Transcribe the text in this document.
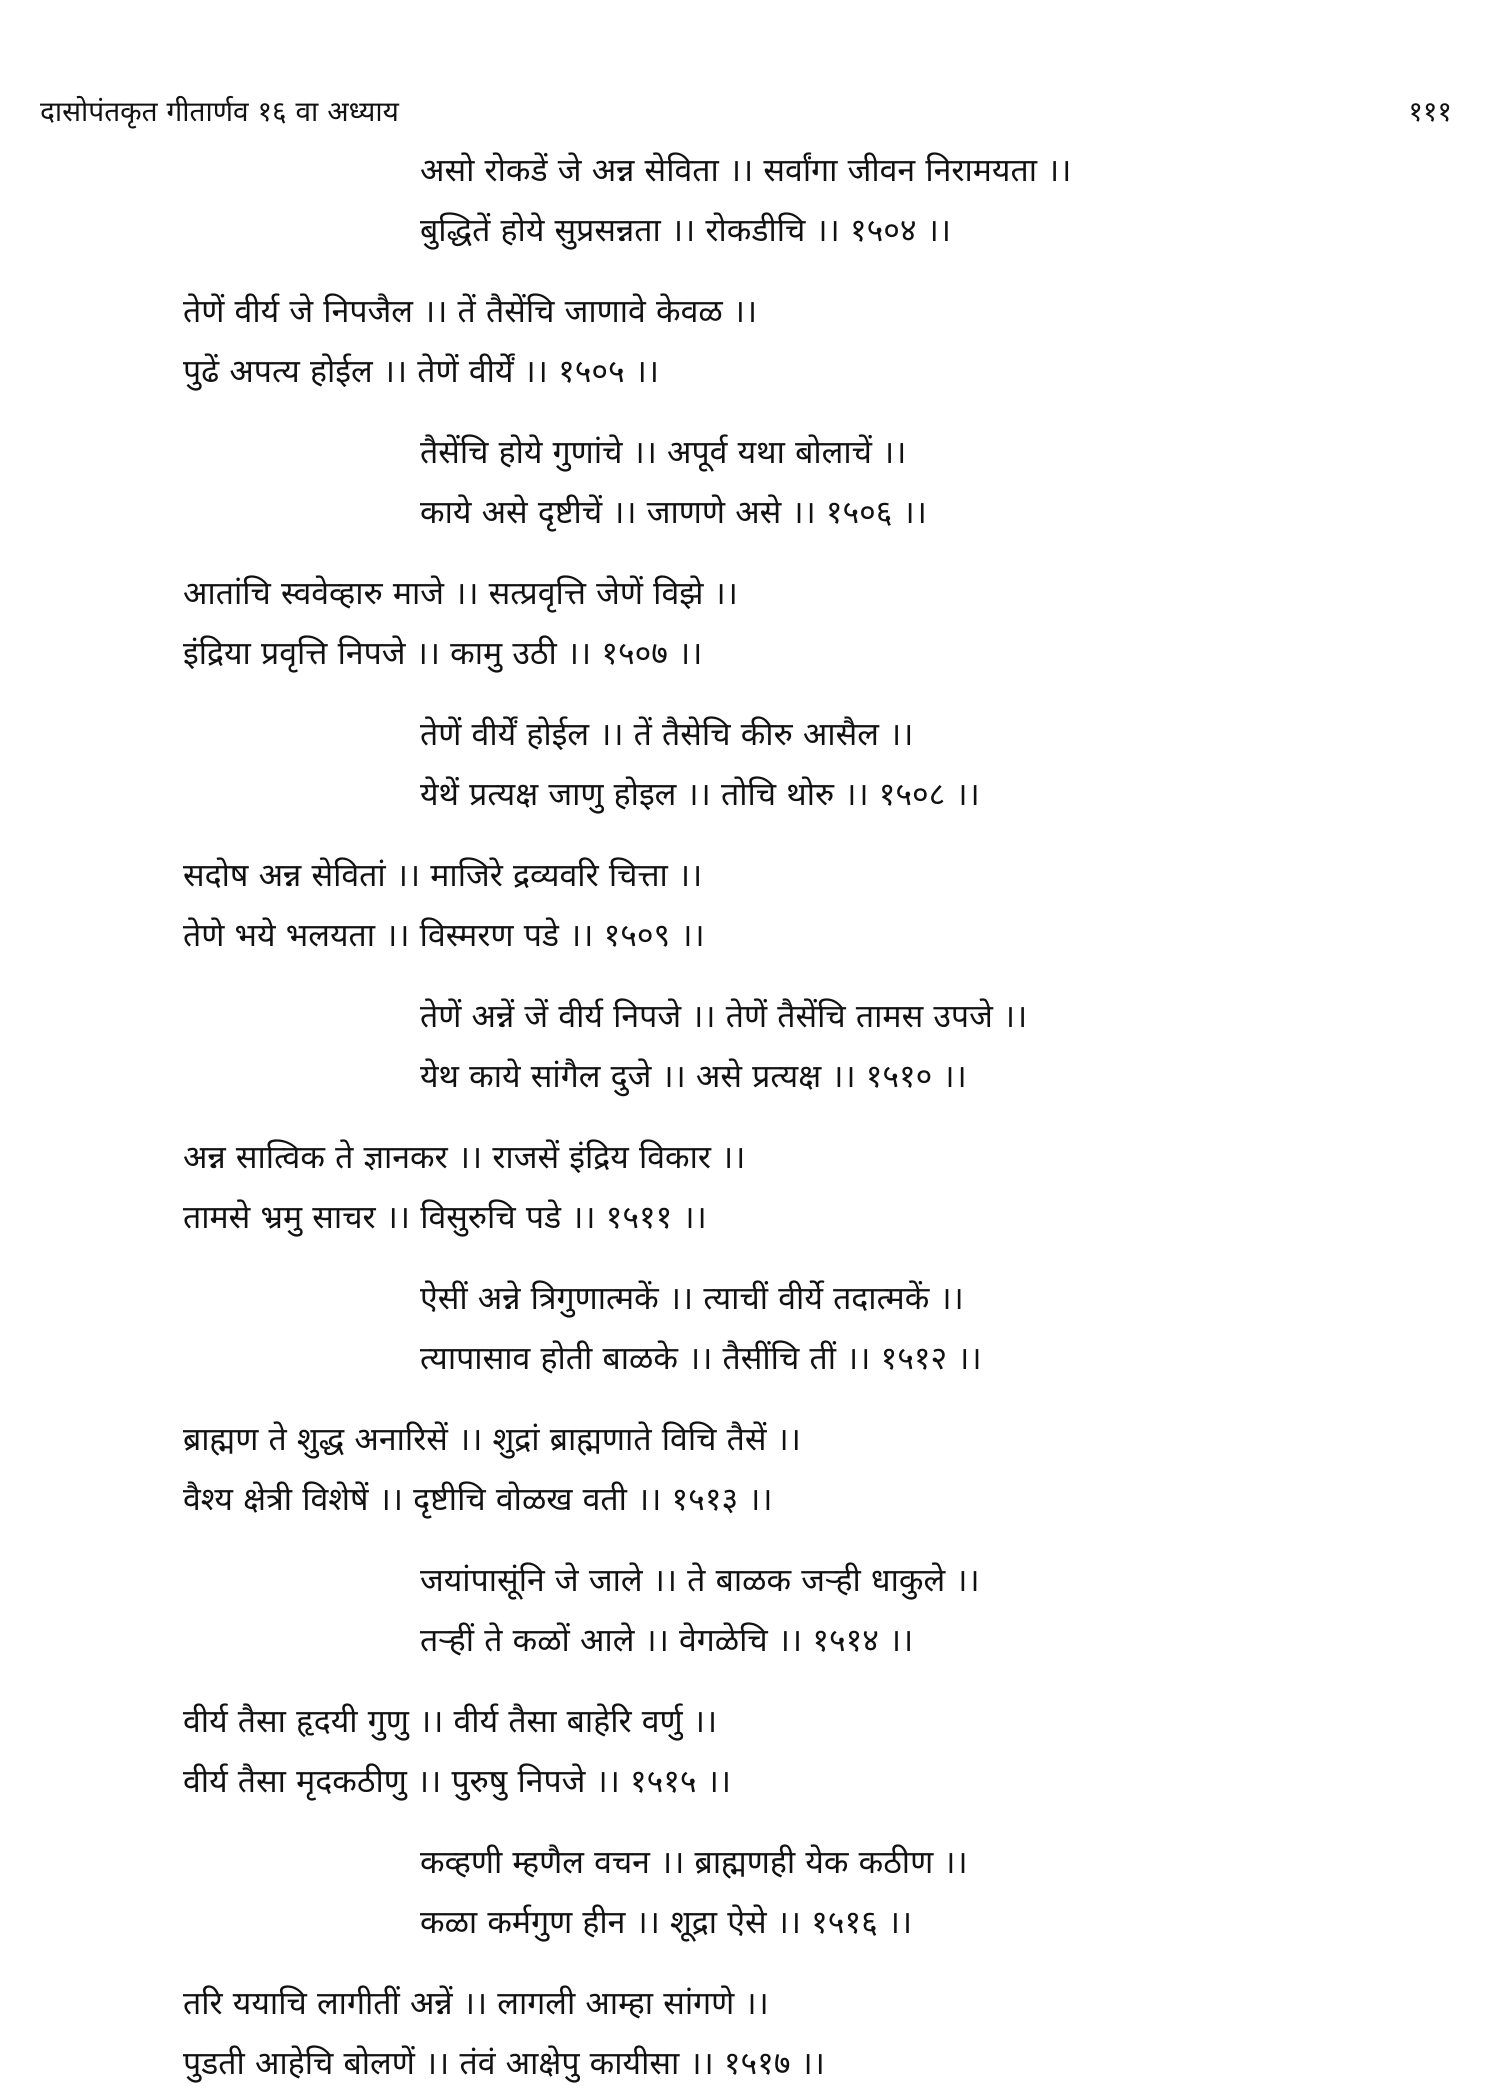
दासोपंतकृत गीतार्णव १६ वा अध्याय	१११
असो रोकडें जे अन्न सेविता ।। सर्वांगा जीवन निरामयता ।।
बुद्धितें होये सुप्रसन्नता ।। रोकडीचि ।। १५०४ ।।
तेणें वीर्य जे निपजैल ।। तें तैसेंचि जाणावे केवळ ।।
पुढें अपत्य होईल ।। तेणें वीर्यें ।। १५०५ ।।
तैसेंचि होये गुणांचे ।। अपूर्व यथा बोलाचें ।।
काये असे दृष्टीचें ।। जाणणे असे ।। १५०६ ।।
आतांचि स्ववेव्हारु माजे ।। सत्प्रवृत्ति जेणें विझे ।।
इंद्रिया प्रवृत्ति निपजे ।। कामु उठी ।। १५०७ ।।
तेणें वीर्यें होईल ।। तें तैसेचि कीरु आसैल ।।
येथें प्रत्यक्ष जाणु होइल ।। तोचि थोरु ।। १५०८ ।।
सदोष अन्न सेवितां ।। माजिरे द्रव्यवरि चित्ता ।।
तेणे भये भलयता ।। विस्मरण पडे ।। १५०९ ।।
तेणें अन्नें जें वीर्य निपजे ।। तेणें तैसेंचि तामस उपजे ।।
येथ काये सांगैल दुजे ।। असे प्रत्यक्ष ।। १५१० ।।
अन्न सात्विक ते ज्ञानकर ।। राजसें इंद्रिय विकार ।।
तामसे भ्रमु साचर ।। विसुरुचि पडे ।। १५११ ।।
ऐसीं अन्ने त्रिगुणात्मकें ।। त्याचीं वीर्ये तदात्मकें ।।
त्यापासाव होती बाळके ।। तैसींचि तीं ।। १५१२ ।।
ब्राह्मण ते शुद्ध अनारिसें ।। शुद्रां ब्राह्मणाते विचि तैसें ।।
वैश्य क्षेत्री विशेषें ।। दृष्टीचि वोळख वती ।। १५१३ ।।
जयांपासूंनि जे जाले ।। ते बाळक जऱ्ही धाकुले ।।
तऱ्हीं ते कळों आले ।। वेगळेचि ।। १५१४ ।।
वीर्य तैसा हृदयी गुणु ।। वीर्य तैसा बाहेरि वर्णु ।।
वीर्य तैसा मृदकठीणु ।। पुरुषु निपजे ।। १५१५ ।।
कव्हणी म्हणैल वचन ।। ब्राह्मणही येक कठीण ।।
कळा कर्मगुण हीन ।। शूद्रा ऐसे ।। १५१६ ।।
तरि ययाचि लागीतीं अन्नें ।। लागली आम्हा सांगणे ।।
पुडती आहेचि बोलणें ।। तंवं आक्षेपु कायीसा ।। १५१७ ।।
